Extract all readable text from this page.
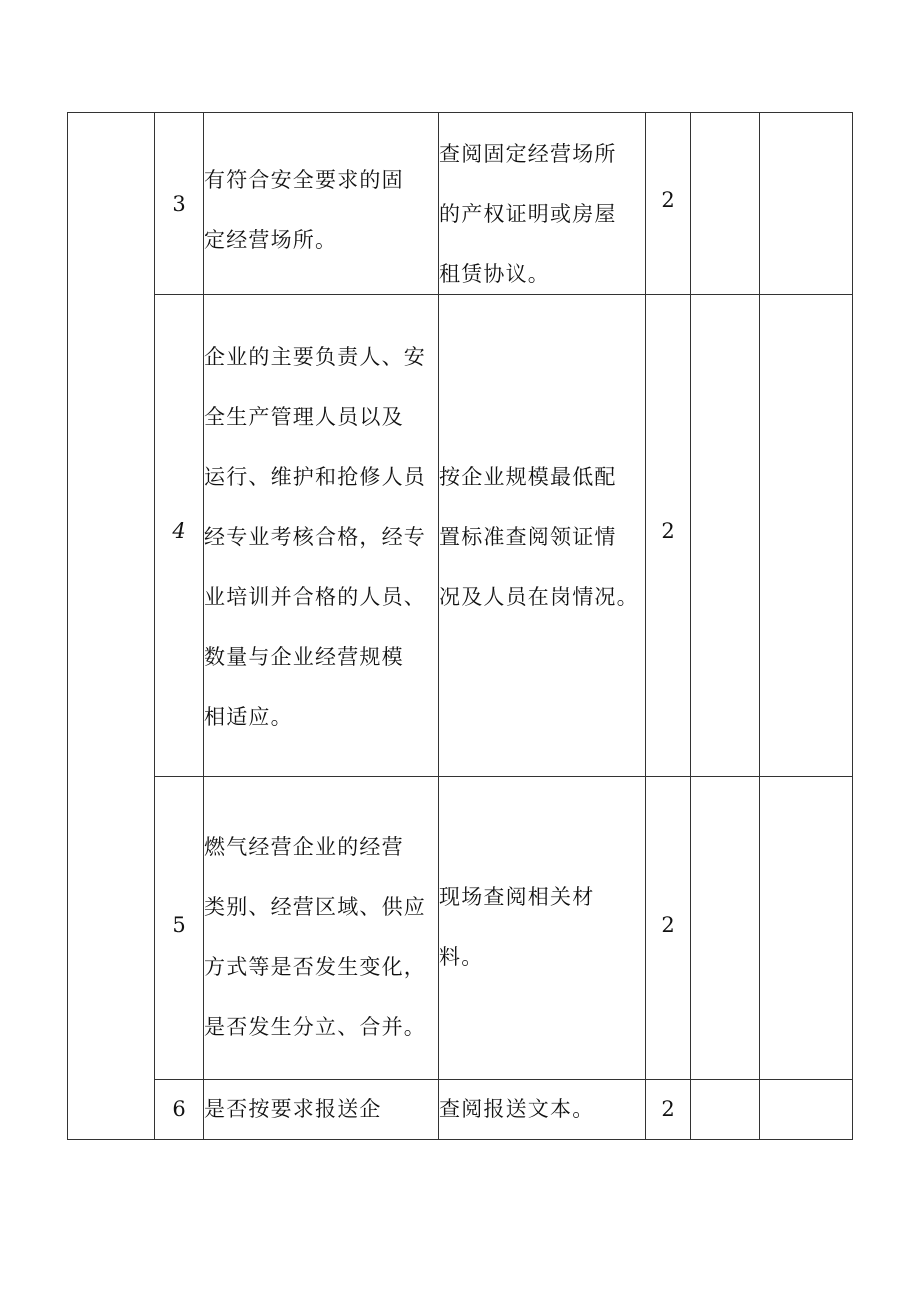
3
有符合安全要求的固
定经营场所。
查阅固定经营场所
的产权证明或房屋
租赁协议。
2
4
企业的主要负责人、安
全生产管理人员以及
运行、维护和抢修人员
经专业考核合格，经专
业培训并合格的人员、
数量与企业经营规模
相适应。
按企业规模最低配
置标准查阅领证情
况及人员在岗情况。
2
5
燃气经营企业的经营
类别、经营区域、供应
方式等是否发生变化，
是否发生分立、合并。
现场查阅相关材
料。
2
6 是否按要求报送企	查阅报送文本。	2
